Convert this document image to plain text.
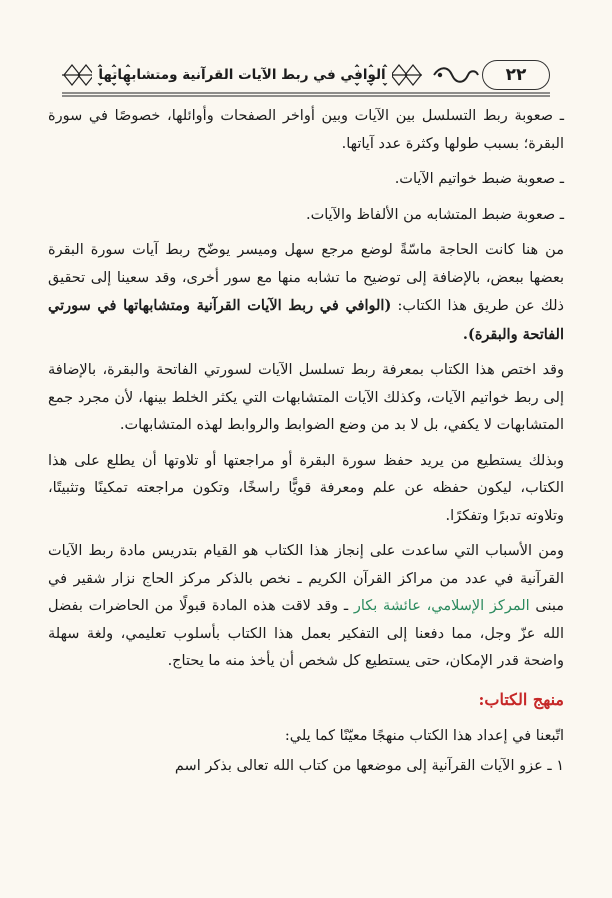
الوافي في ربط الآيات القرآنية ومتشابهاتها	٢٢

ـ صعوبة ربط التسلسل بين الآيات وبين أواخر الصفحات وأوائلها، خصوصًا في سورة البقرة؛ بسبب طولها وكثرة عدد آياتها.

ـ صعوبة ضبط خواتيم الآيات.

ـ صعوبة ضبط المتشابه من الألفاظ والآيات.

من هنا كانت الحاجة ماسّةً لوضع مرجع سهل وميسر يوضّح ربط آيات سورة البقرة بعضها ببعض، بالإضافة إلى توضيح ما تشابه منها مع سور أخرى، وقد سعينا إلى تحقيق ذلك عن طريق هذا الكتاب: (الوافي في ربط الآيات القرآنية ومتشابهاتها في سورتي الفاتحة والبقرة).

وقد اختص هذا الكتاب بمعرفة ربط تسلسل الآيات لسورتي الفاتحة والبقرة، بالإضافة إلى ربط خواتيم الآيات، وكذلك الآيات المتشابهات التي يكثر الخلط بينها، لأن مجرد جمع المتشابهات لا يكفي، بل لا بد من وضع الضوابط والروابط لهذه المتشابهات.

وبذلك يستطيع من يريد حفظ سورة البقرة أو مراجعتها أو تلاوتها أن يطلع على هذا الكتاب، ليكون حفظه عن علم ومعرفة قويًّا راسخًا، وتكون مراجعته تمكينًا وتثبيتًا، وتلاوته تدبرًا وتفكرًا.

ومن الأسباب التي ساعدت على إنجاز هذا الكتاب هو القيام بتدريس مادة ربط الآيات القرآنية في عدد من مراكز القرآن الكريم ـ نخص بالذكر مركز الحاج نزار شقير في مبنى المركز الإسلامي، عائشة بكار ـ وقد لاقت هذه المادة قبولًا من الحاضرات بفضل الله عزّ وجل، مما دفعنا إلى التفكير بعمل هذا الكتاب بأسلوب تعليمي، ولغة سهلة واضحة قدر الإمكان، حتى يستطيع كل شخص أن يأخذ منه ما يحتاج.

منهج الكتاب:

اتّبعنا في إعداد هذا الكتاب منهجًا معيّنًا كما يلي:

١ ـ عزو الآيات القرآنية إلى موضعها من كتاب الله تعالى بذكر اسم
